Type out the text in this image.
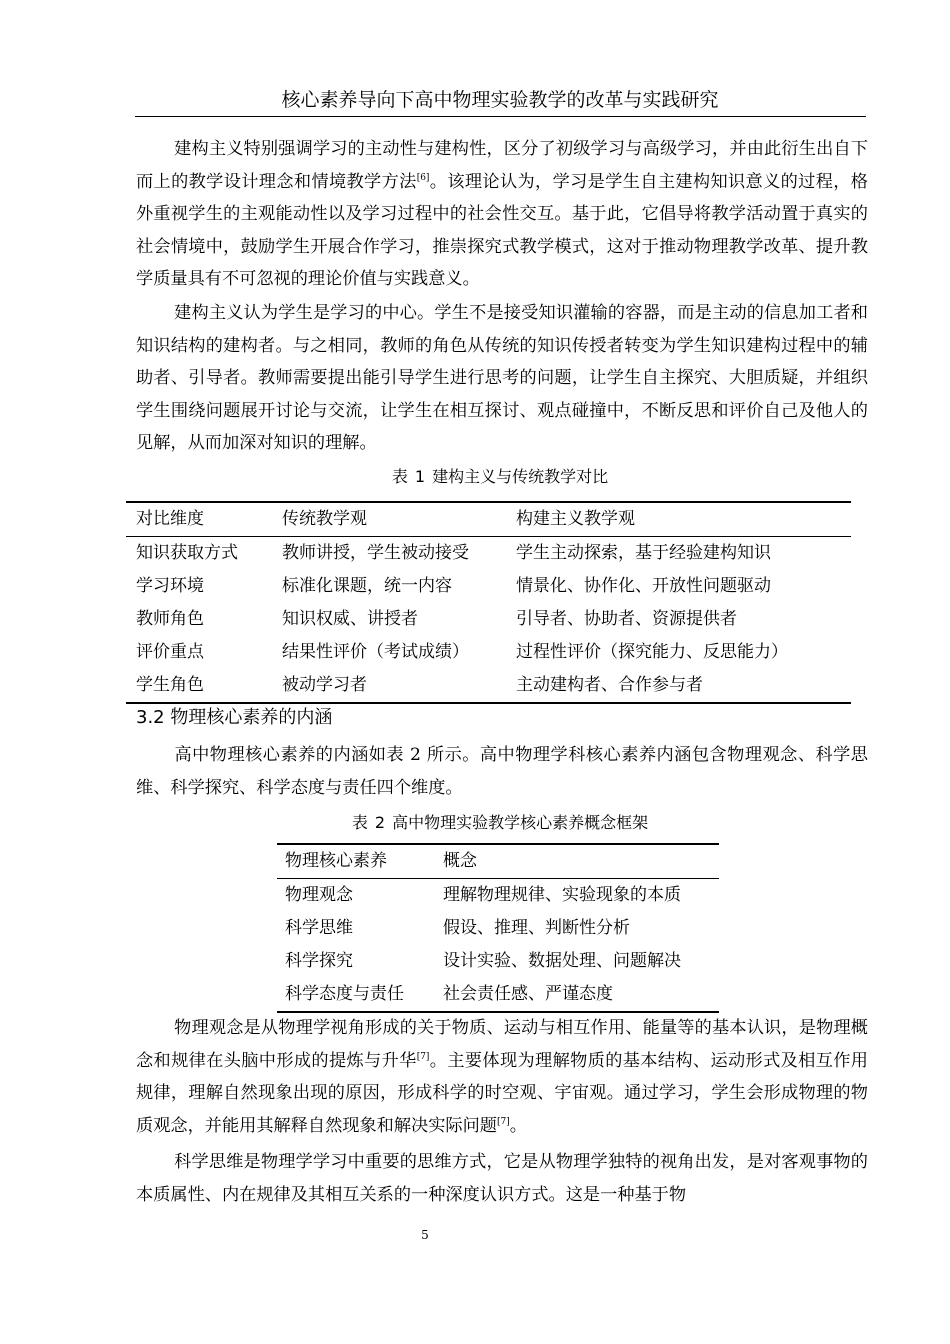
核心素养导向下高中物理实验教学的改革与实践研究

建构主义特别强调学习的主动性与建构性，区分了初级学习与高级学习，并由此衍生出自下而上的教学设计理念和情境教学方法[6]。该理论认为，学习是学生自主建构知识意义的过程，格外重视学生的主观能动性以及学习过程中的社会性交互。基于此，它倡导将教学活动置于真实的社会情境中，鼓励学生开展合作学习，推崇探究式教学模式，这对于推动物理教学改革、提升教学质量具有不可忽视的理论价值与实践意义。

建构主义认为学生是学习的中心。学生不是接受知识灌输的容器，而是主动的信息加工者和知识结构的建构者。与之相同，教师的角色从传统的知识传授者转变为学生知识建构过程中的辅助者、引导者。教师需要提出能引导学生进行思考的问题，让学生自主探究、大胆质疑，并组织学生围绕问题展开讨论与交流，让学生在相互探讨、观点碰撞中，不断反思和评价自己及他人的见解，从而加深对知识的理解。

表 1 建构主义与传统教学对比
对比维度	传统教学观	构建主义教学观
知识获取方式	教师讲授，学生被动接受	学生主动探索，基于经验建构知识
学习环境	标准化课题，统一内容	情景化、协作化、开放性问题驱动
教师角色	知识权威、讲授者	引导者、协助者、资源提供者
评价重点	结果性评价（考试成绩）	过程性评价（探究能力、反思能力）
学生角色	被动学习者	主动建构者、合作参与者
3.2 物理核心素养的内涵

高中物理核心素养的内涵如表 2 所示。高中物理学科核心素养内涵包含物理观念、科学思维、科学探究、科学态度与责任四个维度。

表 2 高中物理实验教学核心素养概念框架
物理核心素养	概念
物理观念	理解物理规律、实验现象的本质
科学思维	假设、推理、判断性分析
科学探究	设计实验、数据处理、问题解决
科学态度与责任	社会责任感、严谨态度

物理观念是从物理学视角形成的关于物质、运动与相互作用、能量等的基本认识，是物理概念和规律在头脑中形成的提炼与升华[7]。主要体现为理解物质的基本结构、运动形式及相互作用规律，理解自然现象出现的原因，形成科学的时空观、宇宙观。通过学习，学生会形成物理的物质观念，并能用其解释自然现象和解决实际问题[7]。

科学思维是物理学学习中重要的思维方式，它是从物理学独特的视角出发，是对客观事物的本质属性、内在规律及其相互关系的一种深度认识方式。这是一种基于物

5
